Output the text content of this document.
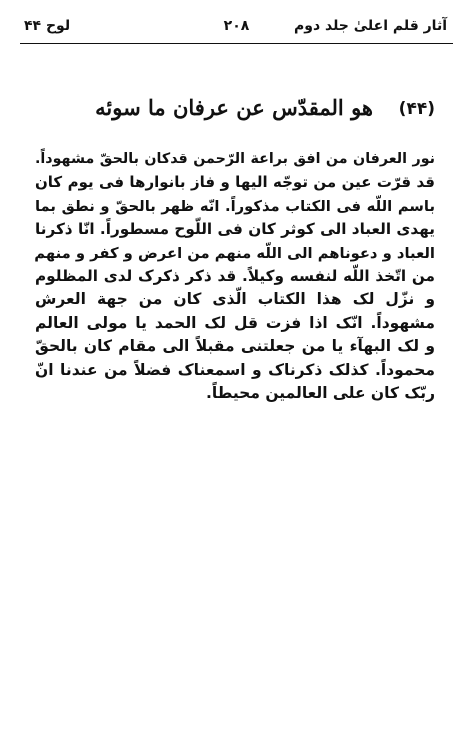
آثار قلم اعلیٰ جلد دوم
۲۰۸
لوح ۴۴
(۴۴)
هو المقدّس عن عرفان ما سوئه
نور العرفان من افق براعة الرّحمن قدکان بالحقّ مشهوداً.
قد قرّت عین من توجّه الیها و فاز بانوارها فی یوم کان
باسم اللّه فی الکتاب مذکوراً. انّه ظهر بالحقّ و نطق بما
یهدی العباد الی کوثر کان فی اللّوح مسطوراً. انّا ذکرنا
العباد و دعوناهم الی اللّه منهم من اعرض و کفر و منهم
من اتّخذ اللّه لنفسه وکیلاً. قد ذکر ذکرک لدی المظلوم
و نزّل لک هذا الکتاب الّذی کان من جهة العرش
مشهوداً. انّک اذا فزت قل لک الحمد یا مولی العالم
و لک البهآء یا من جعلتنی مقبلاً الی مقام کان بالحقّ
محموداً. کذلک ذکرناک و اسمعناک فضلاً من عندنا انّ
ربّک کان علی العالمین محیطاً.
